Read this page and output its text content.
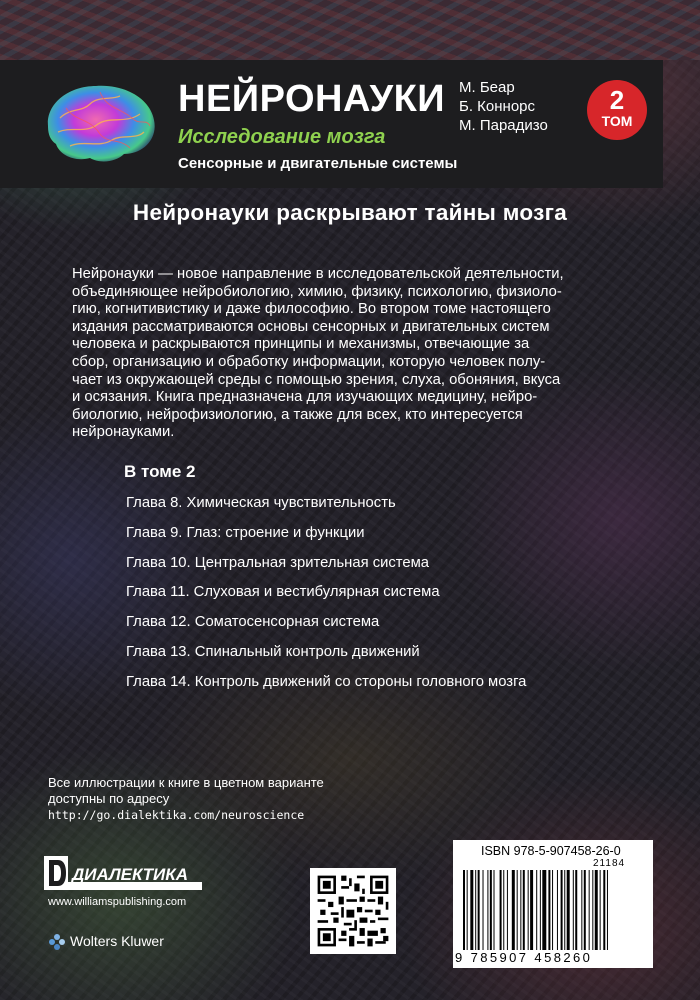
НЕЙРОНАУКИ
Исследование мозга
Сенсорные и двигательные системы
М. Беар
Б. Коннорс
М. Парадизо
2
ТОМ
Нейронауки раскрывают тайны мозга
Нейронауки — новое направление в исследовательской деятельности,
объединяющее нейробиологию, химию, физику, психологию, физиоло-
гию, когнитивистику и даже философию. Во втором томе настоящего
издания рассматриваются основы сенсорных и двигательных систем
человека и раскрываются принципы и механизмы, отвечающие за
сбор, организацию и обработку информации, которую человек полу-
чает из окружающей среды с помощью зрения, слуха, обоняния, вкуса
и осязания. Книга предназначена для изучающих медицину, нейро-
биологию, нейрофизиологию, а также для всех, кто интересуется
нейронауками.
В томе 2
Глава 8. Химическая чувствительность
Глава 9. Глаз: строение и функции
Глава 10. Центральная зрительная система
Глава 11. Слуховая и вестибулярная система
Глава 12. Соматосенсорная система
Глава 13. Спинальный контроль движений
Глава 14. Контроль движений со стороны головного мозга
Все иллюстрации к книге в цветном варианте
доступны по адресу
http://go.dialektika.com/neuroscience
ДИАЛЕКТИКА
www.williamspublishing.com
Wolters Kluwer
ISBN 978-5-907458-26-0
21184
9 785907 458260
